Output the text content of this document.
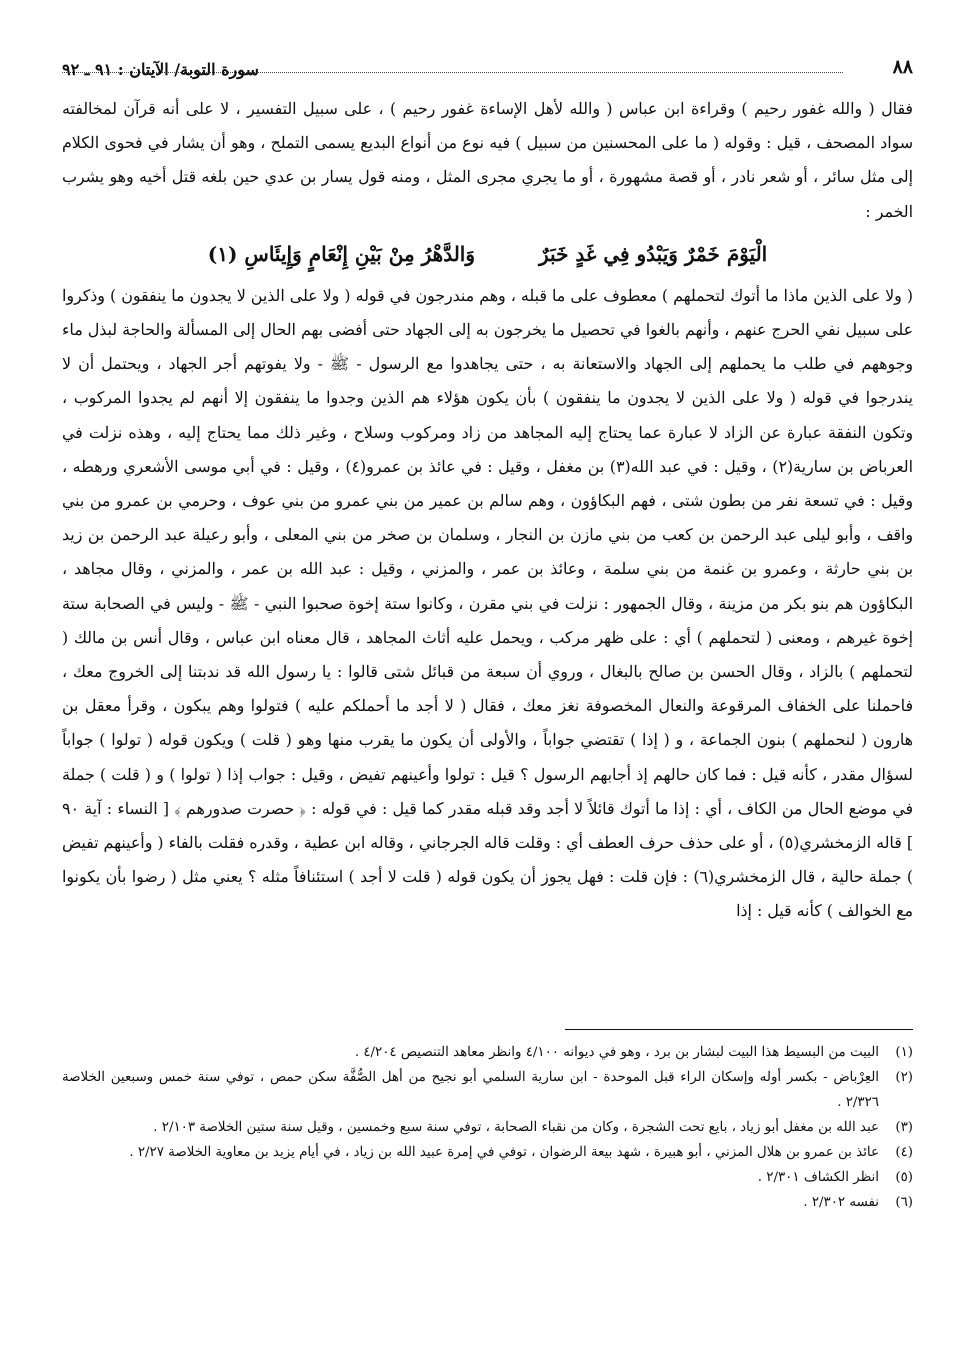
٨٨
سورة التوبة/ الآيتان : ٩١ ـ ٩٢

فقال ( والله غفور رحيم ) وقراءة ابن عباس ( والله لأهل الإساءة غفور رحيم ) ، على سبيل التفسير ، لا على أنه قرآن لمخالفته سواد المصحف ، قيل : وقوله ( ما على المحسنين من سبيل ) فيه نوع من أنواع البديع يسمى التملح ، وهو أن يشار في فحوى الكلام إلى مثل سائر ، أو شعر نادر ، أو قصة مشهورة ، أو ما يجري مجرى المثل ، ومنه قول يسار بن عدي حين بلغه قتل أخيه وهو يشرب الخمر :

الْيَوْمَ خَمْرٌ وَيَبْدُو فِي غَدٍ خَبَرٌ
وَالدَّهْرُ مِنْ بَيْنِ إِنْعَامٍ وَإِيئَاسِ (١)

( ولا على الذين ماذا ما أتوك لتحملهم ) معطوف على ما قبله ، وهم مندرجون في قوله ( ولا على الذين لا يجدون ما ينفقون ) وذكروا على سبيل نفي الحرج عنهم ، وأنهم بالغوا في تحصيل ما يخرجون به إلى الجهاد حتى أفضى بهم الحال إلى المسألة والحاجة لبذل ماء وجوههم في طلب ما يحملهم إلى الجهاد والاستعانة به ، حتى يجاهدوا مع الرسول - ﷺ - ولا يفوتهم أجر الجهاد ، ويحتمل أن لا يندرجوا في قوله ( ولا على الذين لا يجدون ما ينفقون ) بأن يكون هؤلاء هم الذين وجدوا ما ينفقون إلا أنهم لم يجدوا المركوب ، وتكون النفقة عبارة عن الزاد لا عبارة عما يحتاج إليه المجاهد من زاد ومركوب وسلاح ، وغير ذلك مما يحتاج إليه ، وهذه نزلت في العرباض بن سارية(٢) ، وقيل : في عبد الله(٣) بن مغفل ، وقيل : في عائذ بن عمرو(٤) ، وقيل : في أبي موسى الأشعري ورهطه ، وقيل : في تسعة نفر من بطون شتى ، فهم البكاؤون ، وهم سالم بن عمير من بني عمرو من بني عوف ، وحرمي بن عمرو من بني واقف ، وأبو ليلى عبد الرحمن بن كعب من بني مازن بن النجار ، وسلمان بن صخر من بني المعلى ، وأبو رعيلة عبد الرحمن بن زيد بن بني حارثة ، وعمرو بن غنمة من بني سلمة ، وعائذ بن عمر ، والمزني ، وقيل : عبد الله بن عمر ، والمزني ، وقال مجاهد ، البكاؤون هم بنو بكر من مزينة ، وقال الجمهور : نزلت في بني مقرن ، وكانوا ستة إخوة صحبوا النبي - ﷺ - وليس في الصحابة ستة إخوة غيرهم ، ومعنى ( لتحملهم ) أي : على ظهر مركب ، ويحمل عليه أثاث المجاهد ، قال معناه ابن عباس ، وقال أنس بن مالك ( لتحملهم ) بالزاد ، وقال الحسن بن صالح بالبغال ، وروي أن سبعة من قبائل شتى قالوا : يا رسول الله قد ندبتنا إلى الخروج معك ، فاحملنا على الخفاف المرقوعة والنعال المخصوفة نغز معك ، فقال ( لا أجد ما أحملكم عليه ) فتولوا وهم يبكون ، وقرأ معقل بن هارون ( لنحملهم ) بنون الجماعة ، و ( إذا ) تقتضي جواباً ، والأولى أن يكون ما يقرب منها وهو ( قلت ) ويكون قوله ( تولوا ) جواباً لسؤال مقدر ، كأنه قيل : فما كان حالهم إذ أجابهم الرسول ؟ قيل : تولوا وأعينهم تفيض ، وقيل : جواب إذا ( تولوا ) و ( قلت ) جملة في موضع الحال من الكاف ، أي : إذا ما أتوك قائلاً لا أجد وقد قبله مقدر كما قيل : في قوله : ﴿ حصرت صدورهم ﴾ [ النساء : آية ٩٠ ] قاله الزمخشري(٥) ، أو على حذف حرف العطف أي : وقلت قاله الجرجاني ، وقاله ابن عطية ، وقدره فقلت بالفاء ( وأعينهم تفيض ) جملة حالية ، قال الزمخشري(٦) : فإن قلت : فهل يجوز أن يكون قوله ( قلت لا أجد ) استئنافاً مثله ؟ يعني مثل ( رضوا بأن يكونوا مع الخوالف ) كأنه قيل : إذا

(١)
البيت من البسيط هذا البيت لبشار بن برد ، وهو في ديوانه ٤/١٠٠ وانظر معاهد التنصيص ٤/٢٠٤ .
(٢)
العِرْباض - بكسر أوله وإسكان الراء قبل الموحدة - ابن سارية السلمي أبو نجيح من أهل الصُّفَّة سكن حمص ، توفي سنة خمس وسبعين الخلاصة ٢/٣٢٦ .
(٣)
عبد الله بن مغفل أبو زياد ، بايع تحت الشجرة ، وكان من نقباء الصحابة ، توفي سنة سبع وخمسين ، وقيل سنة ستين الخلاصة ٢/١٠٣ .
(٤)
عائذ بن عمرو بن هلال المزني ، أبو هبيرة ، شهد بيعة الرضوان ، توفي في إمرة عبيد الله بن زياد ، في أيام يزيد بن معاوية الخلاصة ٢/٢٧ .
(٥)
انظر الكشاف ٢/٣٠١ .
(٦)
نفسه ٢/٣٠٢ .
